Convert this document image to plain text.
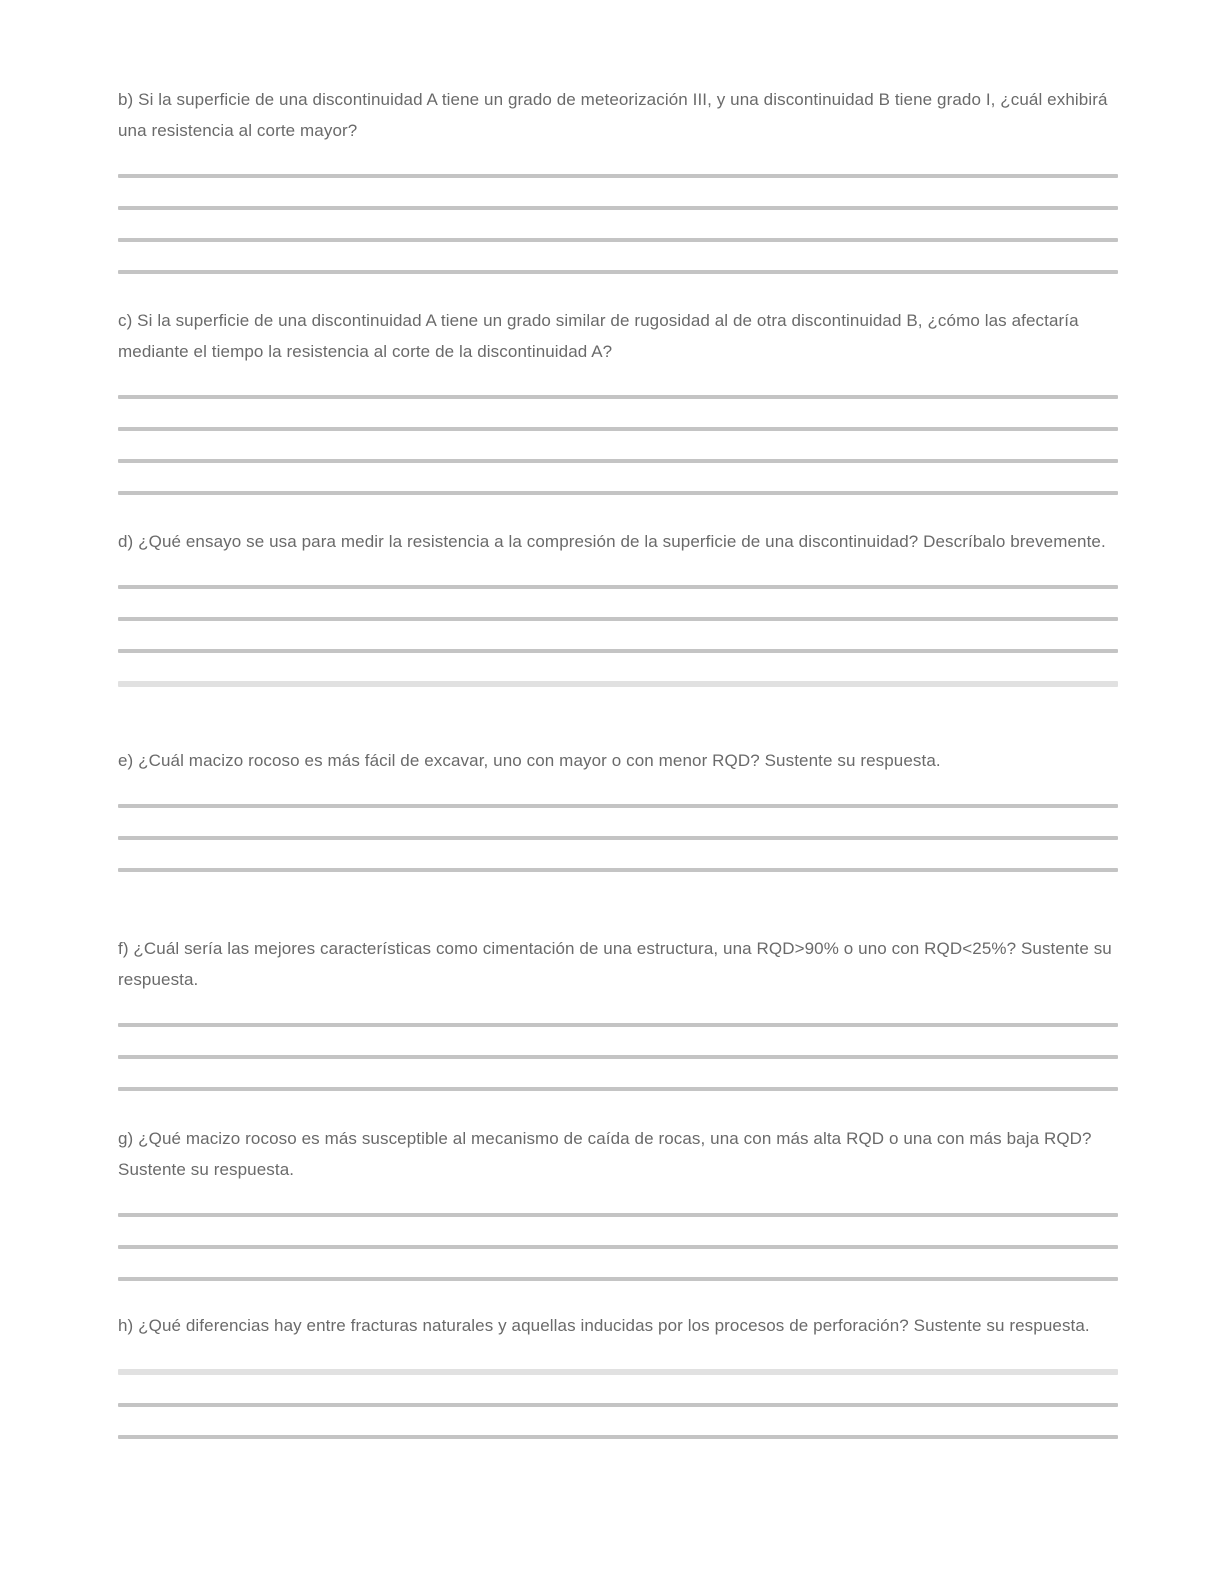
b) Si la superficie de una discontinuidad A tiene un grado de meteorización III, y una discontinuidad B tiene grado I, ¿cuál exhibirá una resistencia al corte mayor?

c) Si la superficie de una discontinuidad A tiene un grado similar de rugosidad al de otra discontinuidad B, ¿cómo las afectaría mediante el tiempo la resistencia al corte de la discontinuidad A?

d) ¿Qué ensayo se usa para medir la resistencia a la compresión de la superficie de una discontinuidad? Descríbalo brevemente.

e) ¿Cuál macizo rocoso es más fácil de excavar, uno con mayor o con menor RQD? Sustente su respuesta.

f) ¿Cuál sería las mejores características como cimentación de una estructura, una RQD>90% o uno con RQD<25%? Sustente su respuesta.

g) ¿Qué macizo rocoso es más susceptible al mecanismo de caída de rocas, una con más alta RQD o una con más baja RQD? Sustente su respuesta.

h) ¿Qué diferencias hay entre fracturas naturales y aquellas inducidas por los procesos de perforación? Sustente su respuesta.
